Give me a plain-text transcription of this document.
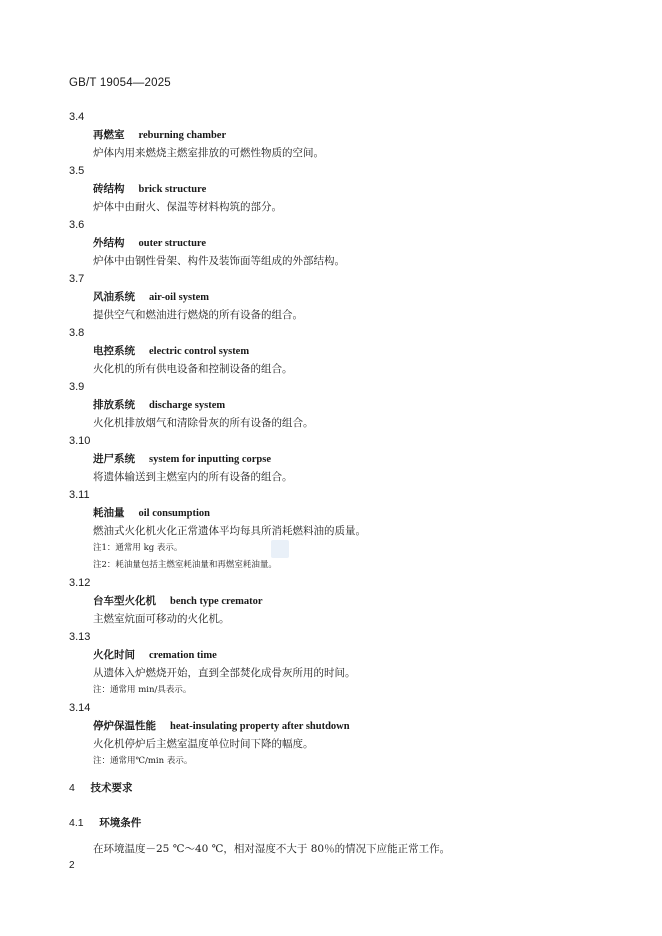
GB/T 19054—2025
3.4
再燃室 reburning chamber
炉体内用来燃烧主燃室排放的可燃性物质的空间。
3.5
砖结构 brick structure
炉体中由耐火、保温等材料构筑的部分。
3.6
外结构 outer structure
炉体中由钢性骨架、构件及装饰面等组成的外部结构。
3.7
风油系统 air-oil system
提供空气和燃油进行燃烧的所有设备的组合。
3.8
电控系统 electric control system
火化机的所有供电设备和控制设备的组合。
3.9
排放系统 discharge system
火化机排放烟气和清除骨灰的所有设备的组合。
3.10
进尸系统 system for inputting corpse
将遗体输送到主燃室内的所有设备的组合。
3.11
耗油量 oil consumption
燃油式火化机火化正常遗体平均每具所消耗燃料油的质量。
注1：通常用 kg 表示。
注2：耗油量包括主燃室耗油量和再燃室耗油量。
3.12
台车型火化机 bench type cremator
主燃室炕面可移动的火化机。
3.13
火化时间 cremation time
从遗体入炉燃烧开始，直到全部焚化成骨灰所用的时间。
注：通常用 min/具表示。
3.14
停炉保温性能 heat-insulating property after shutdown
火化机停炉后主燃室温度单位时间下降的幅度。
注：通常用℃/min 表示。
4 技术要求
4.1 环境条件
在环境温度－25 ℃～40 ℃，相对湿度不大于 80％的情况下应能正常工作。
2
